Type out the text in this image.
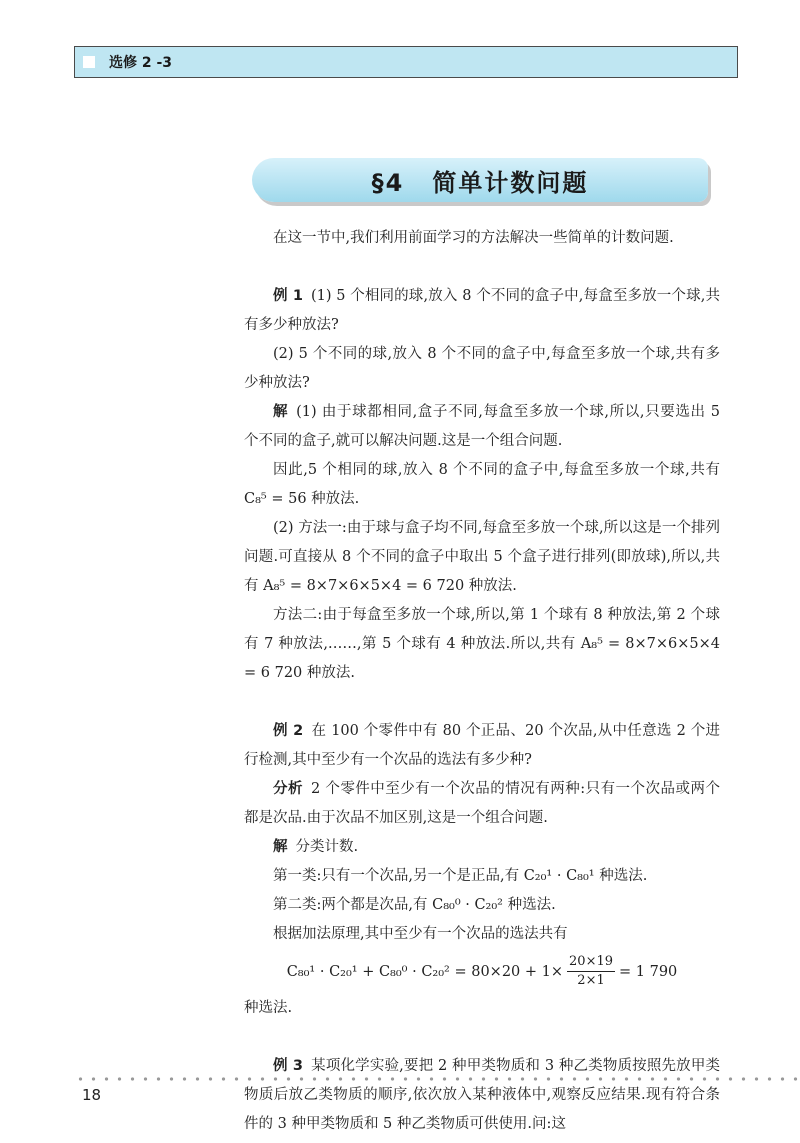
选修 2 -3
§4 简单计数问题

在这一节中,我们利用前面学习的方法解决一些简单的计数问题.

例 1 (1) 5 个相同的球,放入 8 个不同的盒子中,每盒至多放一个球,共有多少种放法?

(2) 5 个不同的球,放入 8 个不同的盒子中,每盒至多放一个球,共有多少种放法?

解 (1) 由于球都相同,盒子不同,每盒至多放一个球,所以,只要选出 5 个不同的盒子,就可以解决问题.这是一个组合问题.

因此,5 个相同的球,放入 8 个不同的盒子中,每盒至多放一个球,共有 C₈⁵ = 56 种放法.

(2) 方法一:由于球与盒子均不同,每盒至多放一个球,所以这是一个排列问题.可直接从 8 个不同的盒子中取出 5 个盒子进行排列(即放球),所以,共有 A₈⁵ = 8×7×6×5×4 = 6 720 种放法.

方法二:由于每盒至多放一个球,所以,第 1 个球有 8 种放法,第 2 个球有 7 种放法,……,第 5 个球有 4 种放法.所以,共有 A₈⁵ = 8×7×6×5×4 = 6 720 种放法.

例 2 在 100 个零件中有 80 个正品、20 个次品,从中任意选 2 个进行检测,其中至少有一个次品的选法有多少种?

分析 2 个零件中至少有一个次品的情况有两种:只有一个次品或两个都是次品.由于次品不加区别,这是一个组合问题.

解 分类计数.

第一类:只有一个次品,另一个是正品,有 C₂₀¹ · C₈₀¹ 种选法.

第二类:两个都是次品,有 C₈₀⁰ · C₂₀² 种选法.

根据加法原理,其中至少有一个次品的选法共有

$C_{80}^1 \cdot C_{20}^1 + C_{80}^0 \cdot C_{20}^2 = 80\times 20 + 1\times \frac{20\times 19}{2\times 1} = 1$ 790

种选法.

例 3 某项化学实验,要把 2 种甲类物质和 3 种乙类物质按照先放甲类物质后放乙类物质的顺序,依次放入某种液体中,观察反应结果.现有符合条件的 3 种甲类物质和 5 种乙类物质可供使用.问:这

18
